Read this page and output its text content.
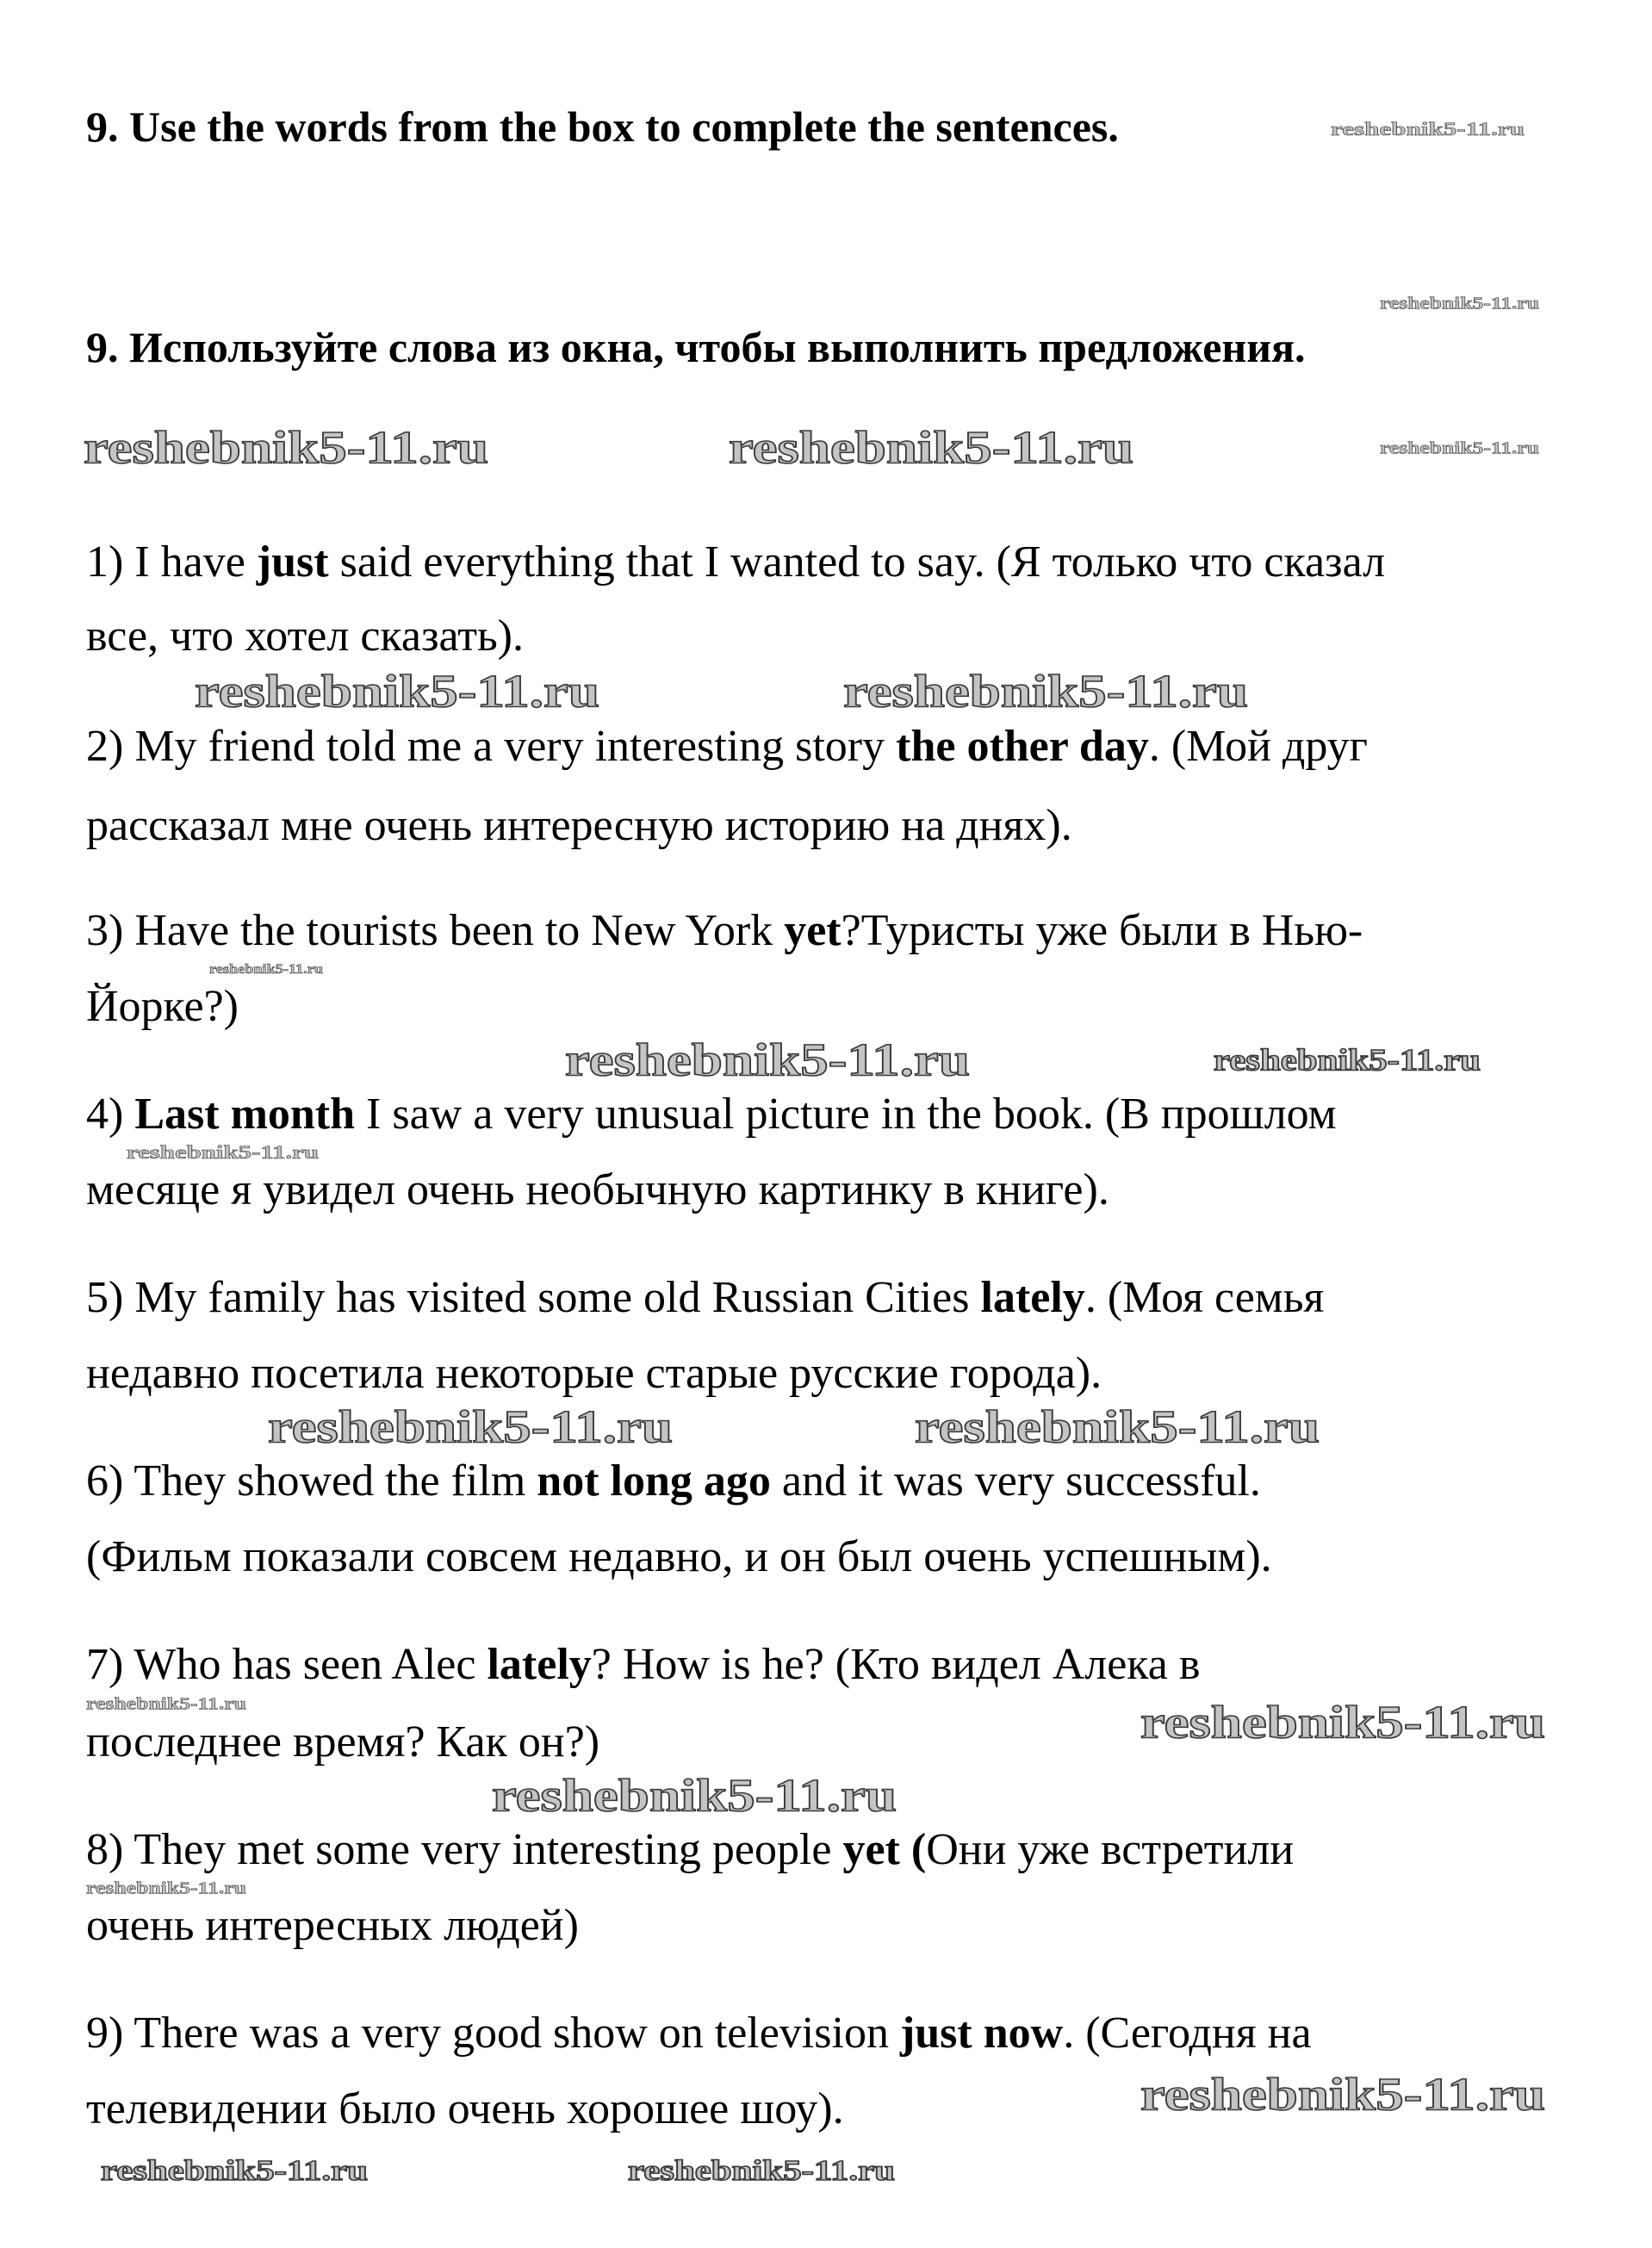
9. Use the words from the box to complete the sentences.
9. Используйте слова из окна, чтобы выполнить предложения.
1) I have just said everything that I wanted to say. (Я только что сказал
все, что хотел сказать).
2) My friend told me a very interesting story the other day. (Мой друг
рассказал мне очень интересную историю на днях).
3) Have the tourists been to New York yet?Туристы уже были в Нью-
Йорке?)
4) Last month I saw a very unusual picture in the book. (В прошлом
месяце я увидел очень необычную картинку в книге).
5) My family has visited some old Russian Cities lately. (Моя семья
недавно посетила некоторые старые русские города).
6) They showed the film not long ago and it was very successful.
(Фильм показали совсем недавно, и он был очень успешным).
7) Who has seen Alec lately? How is he? (Кто видел Алека в
последнее время? Как он?)
8) They met some very interesting people yet (Они уже встретили
очень интересных людей)
9) There was a very good show on television just now. (Сегодня на
телевидении было очень хорошее шоу).
reshebnik5-11.ru
reshebnik5-11.ru
reshebnik5-11.ru	reshebnik5-11.ru	reshebnik5-11.ru
reshebnik5-11.ru	reshebnik5-11.ru
reshebnik5-11.ru
reshebnik5-11.ru
reshebnik5-11.ru
reshebnik5-11.ru
reshebnik5-11.ru	reshebnik5-11.ru
reshebnik5-11.ru	reshebnik5-11.ru
reshebnik5-11.ru
reshebnik5-11.ru
reshebnik5-11.ru	reshebnik5-11.ru
reshebnik5-11.ru
